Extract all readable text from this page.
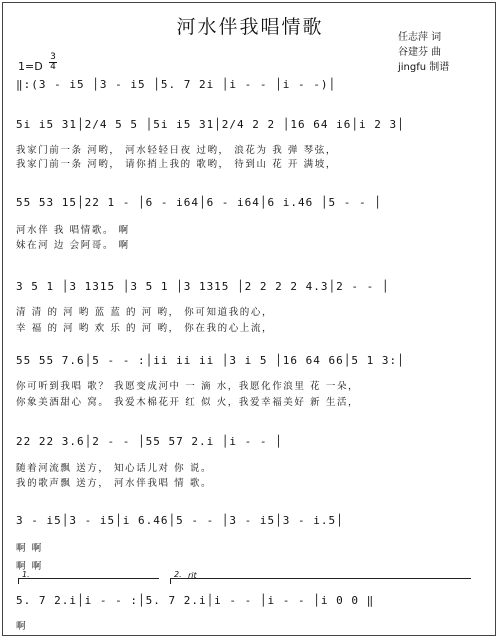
河水伴我唱情歌	任志萍 词
谷建芬 曲
jingfu 制谱
1=D
3
4
‖:(3 - i5 │3 - i5 │5. 7 2i │i - - │i - -)│
5i i5 31│2/4 5 5 │5i i5 31│2/4 2 2 │16 64 i6│i 2 3│
我家门前一条 河哟， 河水轻轻日夜 过哟， 浪花为 我 弹 琴弦，
我家门前一条 河哟， 请你捎上我的 歌哟， 待到山 花 开 满坡，
55 53 15│22 1 - │6 - i64│6 - i64│6 i.46 │5 - - │
河水伴 我 唱情歌。 啊
妹在河 边 会阿哥。 啊
3 5 1 │3 1315 │3 5 1 │3 1315 │2 2 2 2 4.3│2 - - │
清 清 的 河 哟 蓝 蓝 的 河 哟， 你可知道我的心，
幸 福 的 河 哟 欢 乐 的 河 哟， 你在我的心上流，
55 55 7.6│5 - - :│ii ii ii │3 i 5 │16 64 66│5 1 3:│
你可听到我唱 歌？ 我愿变成河中 一 滴 水，我愿化作浪里 花 一朵，
你象美酒甜心 窝。 我爱木棉花开 红 似 火，我爱幸福美好 新 生活，
22 22 3.6│2 - - │55 57 2.i │i - - │
随着河流飘 送方， 知心话儿对 你 说。
我的歌声飘 送方， 河水伴我唱 情 歌。
3 - i5│3 - i5│i 6.46│5 - - │3 - i5│3 - i.5│
啊 啊
啊 啊
1.	2. rit
5. 7 2.i│i - - :│5. 7 2.i│i - - │i - - │i 0 0 ‖
啊
